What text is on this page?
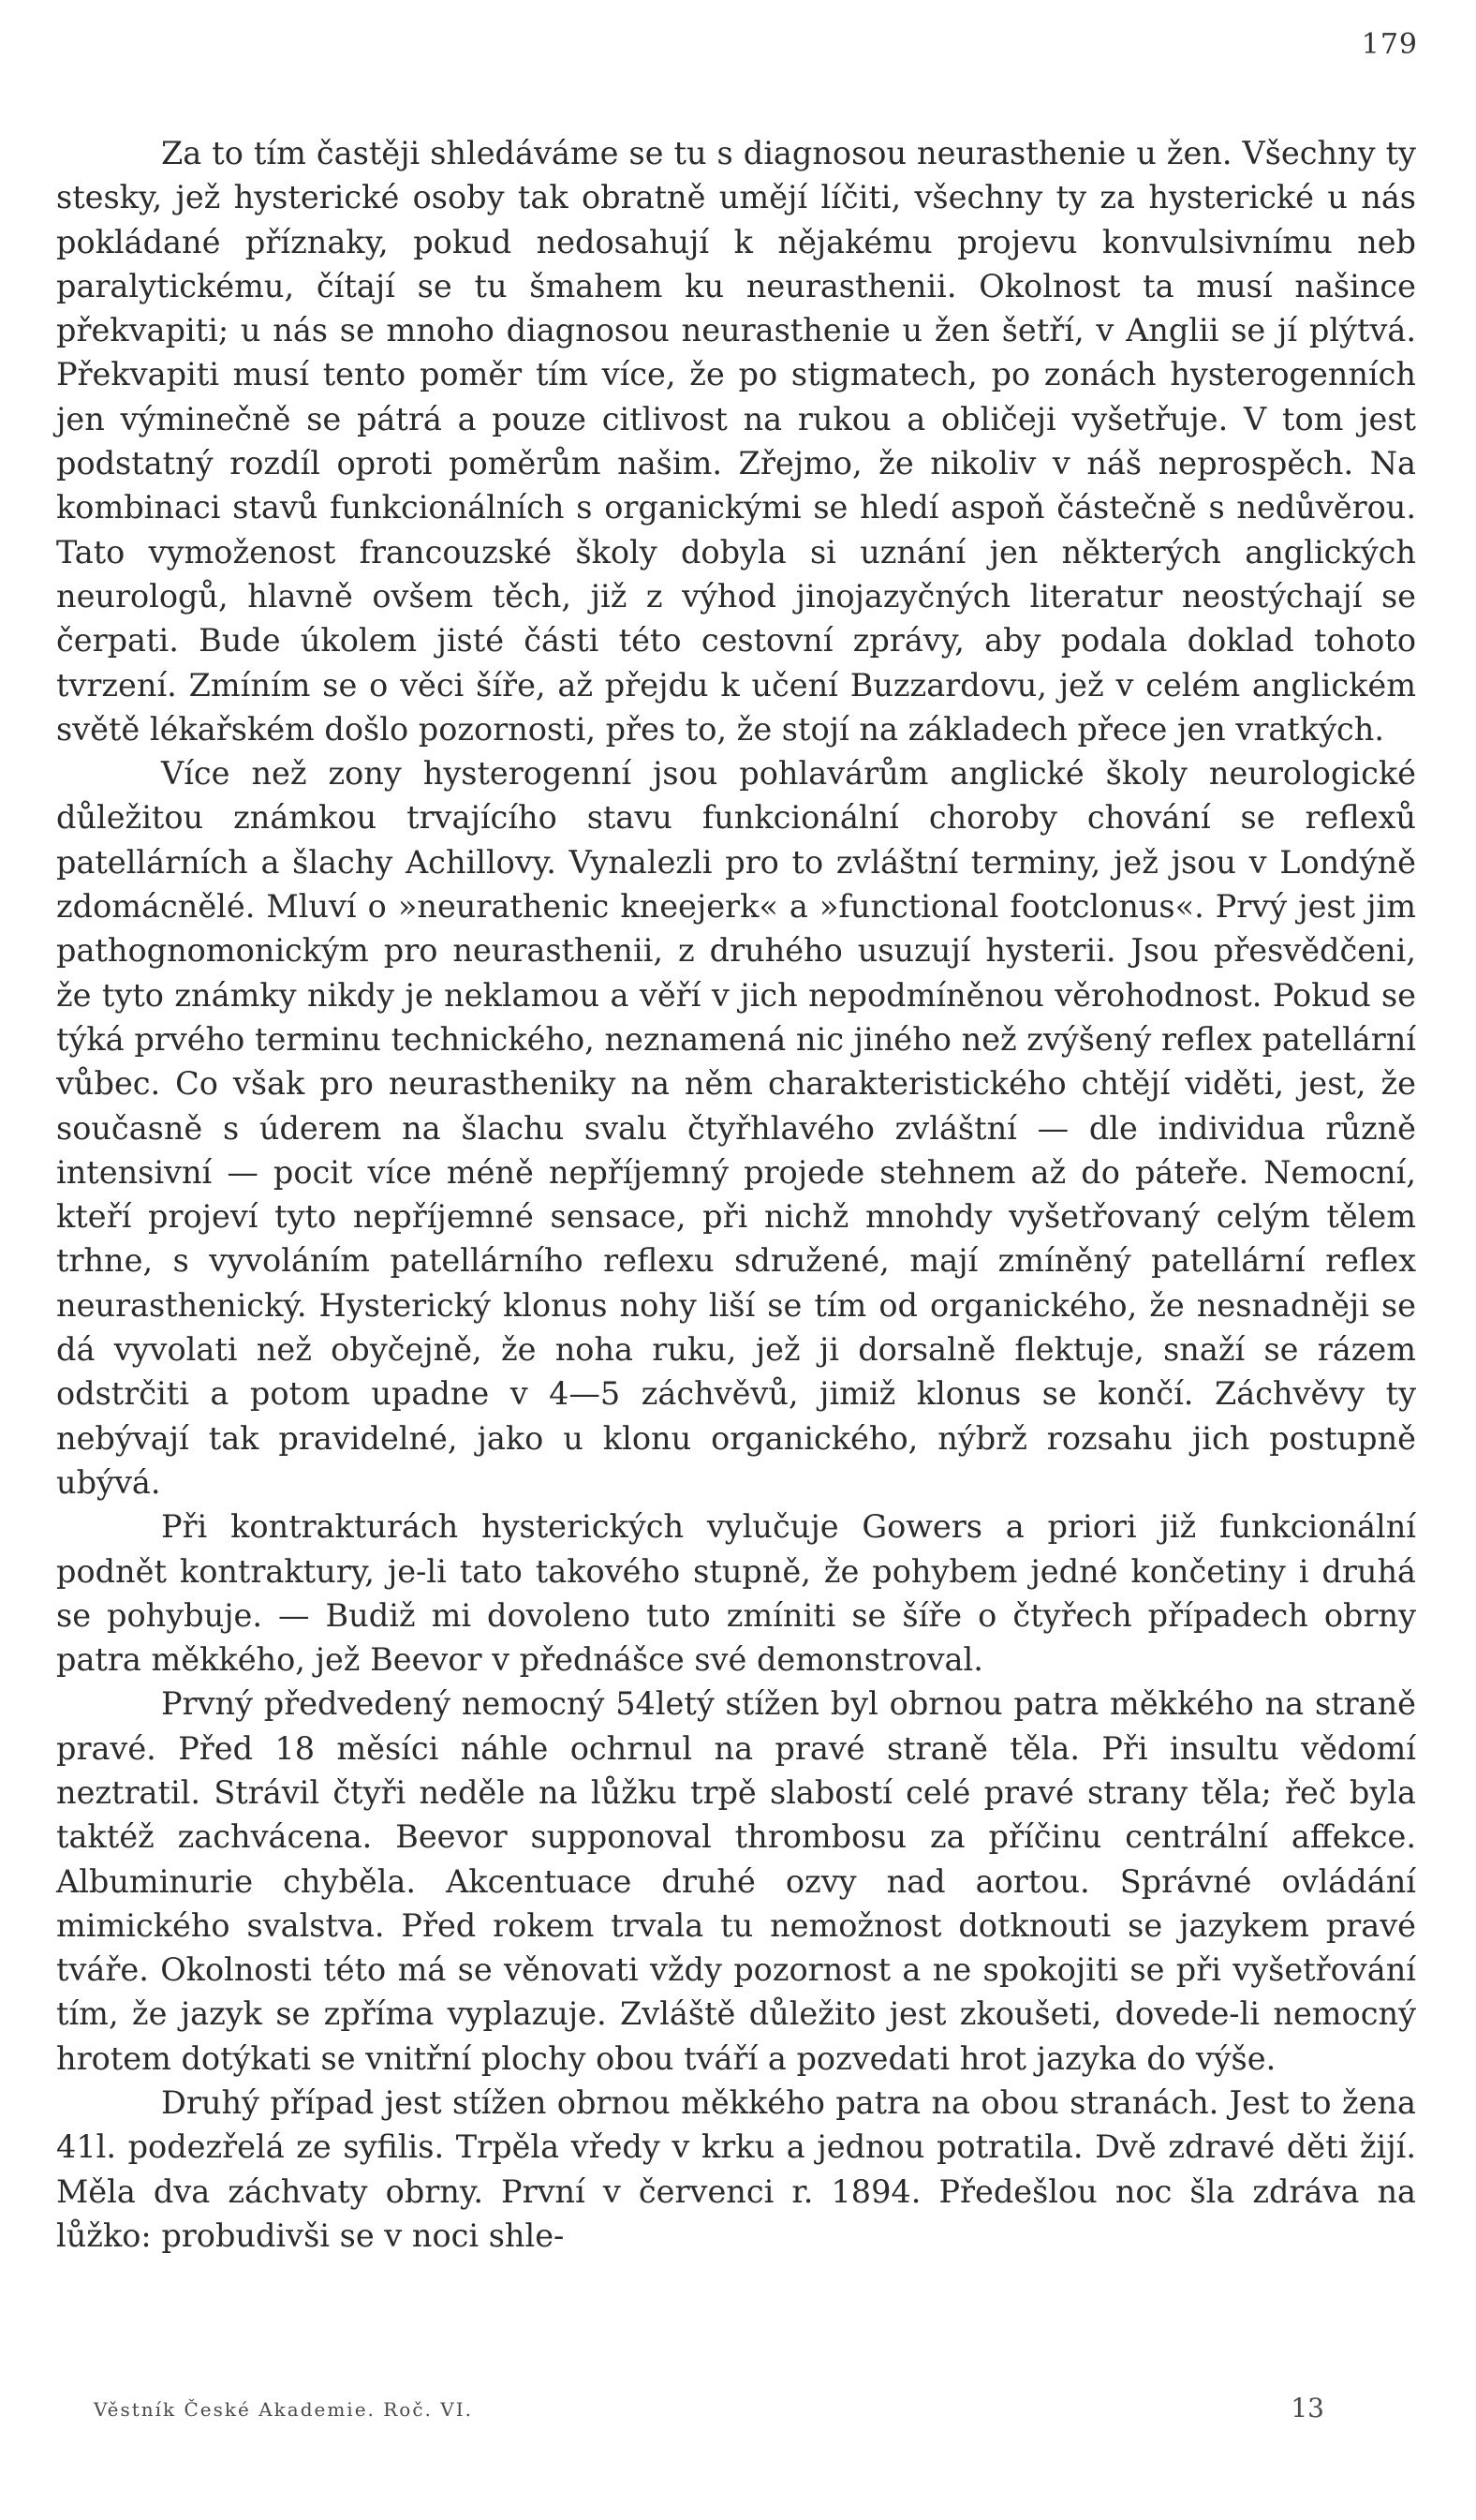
179

Za to tím častěji shledáváme se tu s diagnosou neurasthenie u žen. Všechny ty stesky, jež hysterické osoby tak obratně umějí líčiti, všechny ty za hysterické u nás pokládané příznaky, pokud nedosahují k nějakému projevu konvulsivnímu neb paralytickému, čítají se tu šmahem ku neurasthenii. Okolnost ta musí našince překvapiti; u nás se mnoho diagnosou neurasthenie u žen šetří, v Anglii se jí plýtvá. Překvapiti musí tento poměr tím více, že po stigmatech, po zonách hysterogenních jen výminečně se pátrá a pouze citlivost na rukou a obličeji vyšetřuje. V tom jest podstatný rozdíl oproti poměrům našim. Zřejmo, že nikoliv v náš neprospěch. Na kombinaci stavů funkcionálních s organickými se hledí aspoň částečně s nedůvěrou. Tato vymoženost francouzské školy dobyla si uznání jen některých anglických neurologů, hlavně ovšem těch, již z výhod jinojazyčných literatur neostýchají se čerpati. Bude úkolem jisté části této cestovní zprávy, aby podala doklad tohoto tvrzení. Zmíním se o věci šíře, až přejdu k učení Buzzardovu, jež v celém anglickém světě lékařském došlo pozornosti, přes to, že stojí na základech přece jen vratkých.

Více než zony hysterogenní jsou pohlavárům anglické školy neurologické důležitou známkou trvajícího stavu funkcionální choroby chování se reflexů patellárních a šlachy Achillovy. Vynalezli pro to zvláštní terminy, jež jsou v Londýně zdomácnělé. Mluví o »neurathenic kneejerk« a »functional footclonus«. Prvý jest jim pathognomonickým pro neurasthenii, z druhého usuzují hysterii. Jsou přesvědčeni, že tyto známky nikdy je neklamou a věří v jich nepodmíněnou věrohodnost. Pokud se týká prvého terminu technického, neznamená nic jiného než zvýšený reflex patellární vůbec. Co však pro neurastheniky na něm charakteristického chtějí viděti, jest, že současně s úderem na šlachu svalu čtyřhlavého zvláštní — dle individua různě intensivní — pocit více méně nepříjemný projede stehnem až do páteře. Nemocní, kteří projeví tyto nepříjemné sensace, při nichž mnohdy vyšetřovaný celým tělem trhne, s vyvoláním patellárního reflexu sdružené, mají zmíněný patellární reflex neurasthenický. Hysterický klonus nohy liší se tím od organického, že nesnadněji se dá vyvolati než obyčejně, že noha ruku, jež ji dorsalně flektuje, snaží se rázem odstrčiti a potom upadne v 4—5 záchvěvů, jimiž klonus se končí. Záchvěvy ty nebývají tak pravidelné, jako u klonu organického, nýbrž rozsahu jich postupně ubývá.

Při kontrakturách hysterických vylučuje Gowers a priori již funkcionální podnět kontraktury, je-li tato takového stupně, že pohybem jedné končetiny i druhá se pohybuje. — Budiž mi dovoleno tuto zmíniti se šíře o čtyřech případech obrny patra měkkého, jež Beevor v přednášce své demonstroval.

Prvný předvedený nemocný 54letý stížen byl obrnou patra měkkého na straně pravé. Před 18 měsíci náhle ochrnul na pravé straně těla. Při insultu vědomí neztratil. Strávil čtyři neděle na lůžku trpě slabostí celé pravé strany těla; řeč byla taktéž zachvácena. Beevor supponoval thrombosu za příčinu centrální affekce. Albuminurie chyběla. Akcentuace druhé ozvy nad aortou. Správné ovládání mimického svalstva. Před rokem trvala tu nemožnost dotknouti se jazykem pravé tváře. Okolnosti této má se věnovati vždy pozornost a ne spokojiti se při vyšetřování tím, že jazyk se zpříma vyplazuje. Zvláště důležito jest zkoušeti, dovede-li nemocný hrotem dotýkati se vnitřní plochy obou tváří a pozvedati hrot jazyka do výše.

Druhý případ jest stížen obrnou měkkého patra na obou stranách. Jest to žena 41l. podezřelá ze syfilis. Trpěla vředy v krku a jednou potratila. Dvě zdravé děti žijí. Měla dva záchvaty obrny. První v červenci r. 1894. Předešlou noc šla zdráva na lůžko: probudivši se v noci shle-

Věstník České Akademie. Roč. VI.	13
